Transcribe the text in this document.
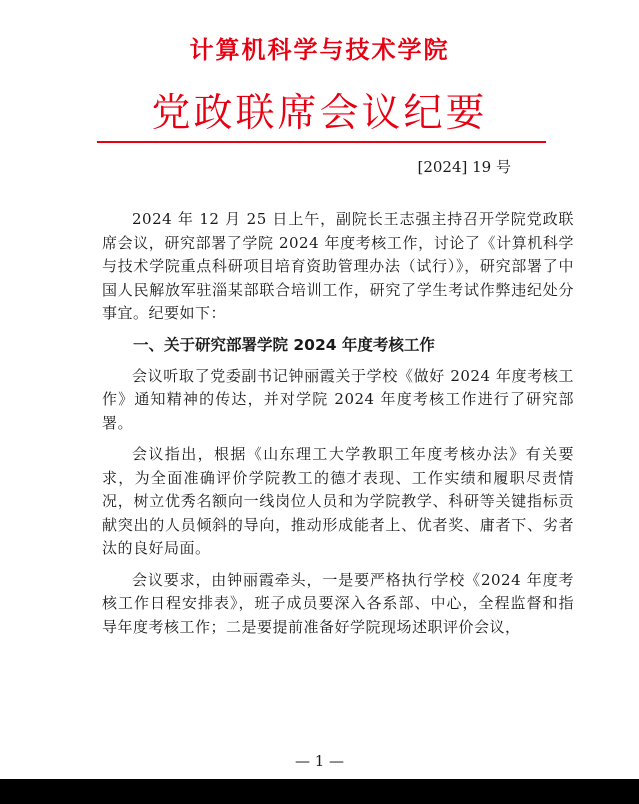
计算机科学与技术学院
党政联席会议纪要
[2024] 19 号

2024 年 12 月 25 日上午，副院长王志强主持召开学院党政联席会议，研究部署了学院 2024 年度考核工作，讨论了《计算机科学与技术学院重点科研项目培育资助管理办法（试行）》，研究部署了中国人民解放军驻淄某部联合培训工作，研究了学生考试作弊违纪处分事宜。纪要如下：

一、关于研究部署学院 2024 年度考核工作

会议听取了党委副书记钟丽霞关于学校《做好 2024 年度考核工作》通知精神的传达，并对学院 2024 年度考核工作进行了研究部署。

会议指出，根据《山东理工大学教职工年度考核办法》有关要求，为全面准确评价学院教工的德才表现、工作实绩和履职尽责情况，树立优秀名额向一线岗位人员和为学院教学、科研等关键指标贡献突出的人员倾斜的导向，推动形成能者上、优者奖、庸者下、劣者汰的良好局面。

会议要求，由钟丽霞牵头，一是要严格执行学校《2024 年度考核工作日程安排表》，班子成员要深入各系部、中心，全程监督和指导年度考核工作；二是要提前准备好学院现场述职评价会议，

— 1 —
